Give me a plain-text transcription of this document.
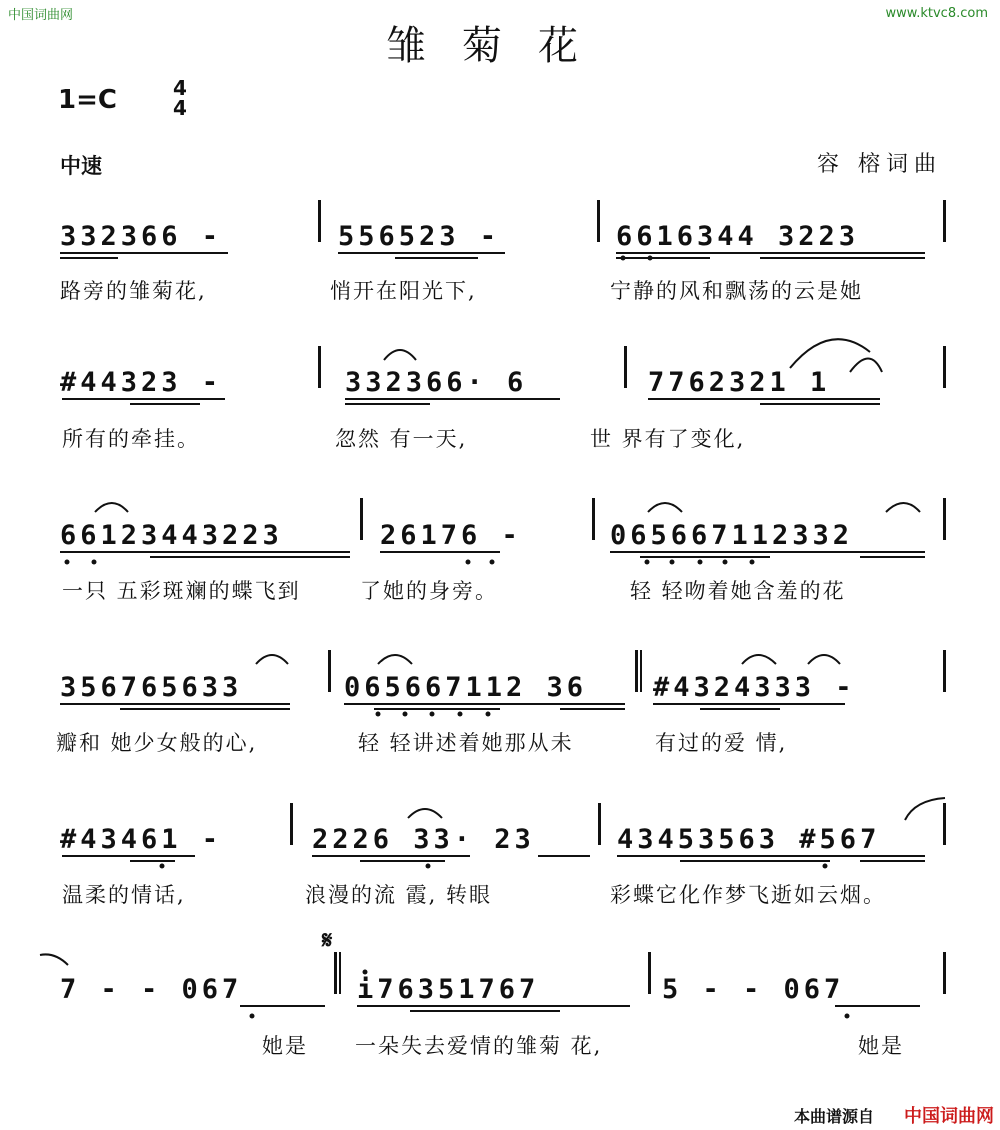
中国词曲网	www.ktvc8.com
雏菊花
1=C	4
4
中速	容 榕词曲
332366 -	556523 -	6616344 3223
路旁的雏菊花,	悄开在阳光下,	宁静的风和飘荡的云是她
#44323 -	332366· 6	7762321 1
所有的牵挂。	忽然 有一天,	世 界有了变化,
66123443223	26176 -	065667112332
一只 五彩斑斓的蝶飞到	了她的身旁。	轻 轻吻着她含羞的花
356765633	065667112 36 #4324333 -
瓣和 她少女般的心,	轻 轻讲述着她那从未	有过的爱 情,
#43461 -	2226 33· 23	43453563 #567
温柔的情话,	浪漫的流 霞, 转眼	彩蝶它化作梦飞逝如云烟。
𝄋
7 - - 067	i76351767	5 - - 067
她是 一朵失去爱情的雏菊 花,	她是
本曲谱源自 中国词曲网
